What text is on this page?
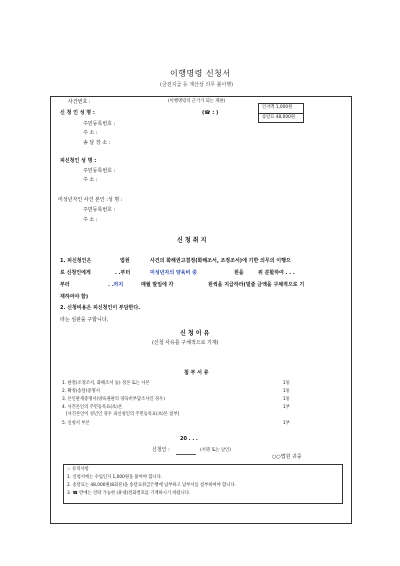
이행명령 신청서
(금전지급 등 재산상 의무 불이행)
사건번호 :	(이행명령의 근거가 되는 재판)
인지액 1,000원
송달료 48,000원
신 청 인 성 명 :	(☎ : )
주민등록번호 :
주 소 :
송 달 장 소 :
피신청인 성 명 :
주민등록번호 :
주 소 :
미성년자인 사건 본인 : 성 명 :
주민등록번호 :
주 소 :
신 청 취 지
1. 피신청인은	법원	사건의 화해권고결정(화해조서, 조정조서)에 기한 의무의 이행으
로 신청인에게	. .부터	미성년자의 양육비 중	원을	위 분할하여 . . .
부터	. .까지	매월 말일에 각	원씩을 지급하라(밑줄 금액을 구체적으로 기
재하여야 함)
2. 신청비용은 피신청인이 부담한다.
라는 심판을 구합니다.
신 청 이 유
(신청 사유를 구체적으로 기재)
첨 부 서 류
1. 판결(조정조서, 화해조서 등) 정본 또는 사본	1통
2. 확정(송달)증명서	1통
3. 본인관계증명서(양육권판의 양육비부담조사인 경우)	1통
4. 사건본인의 주민등록표(초)본	1부
[사건본인이 성년인 경우 피신청인의 주민등록표(초)본 첨부]
5. 신청서 부본	1부
20 . . .
신청인 :	(서명 또는 날인)
○○법원 귀중
☞ 유의사항
1. 신청서에는 수입인지 1,000원을 붙여야 합니다.
2. 송달료는 48,000원(8회분)을 송달료취급은행에 납부하고 납부서를 첨부하여야 합니다.
3. ☎ 란에는 연락 가능한 (휴대)전화번호를 기재하시기 바랍니다.
